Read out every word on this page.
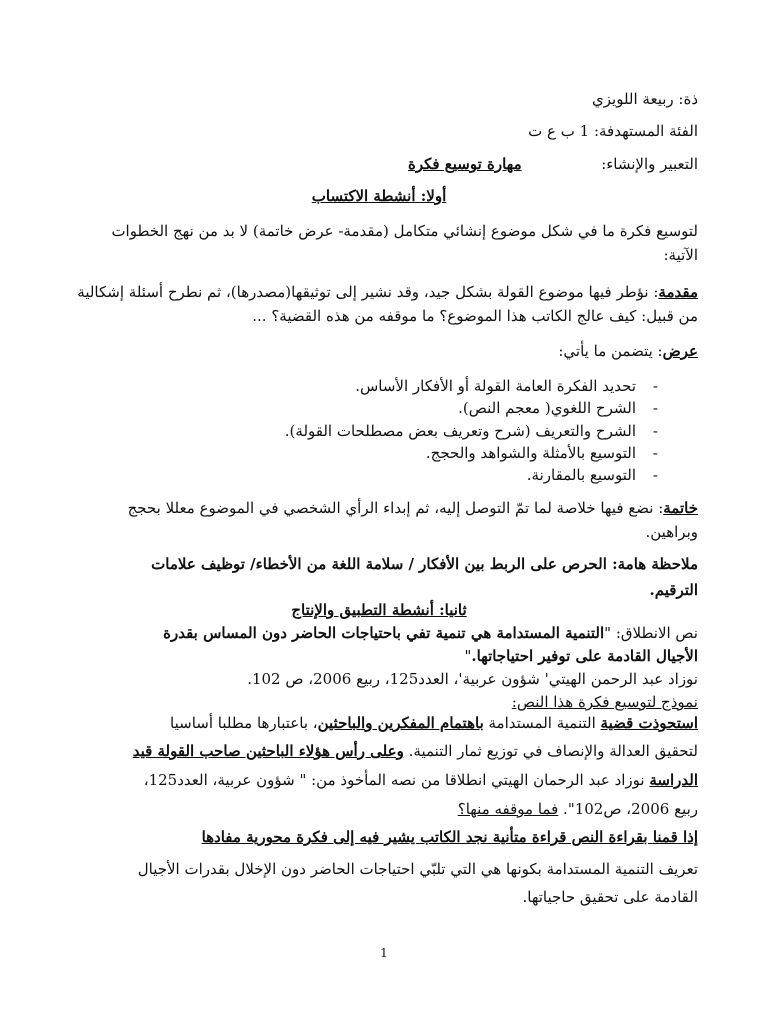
ذة: ربيعة اللويزي
الفئة المستهدفة: 1 ب ع ت
التعبير والإنشاء:  مهارة توسيع فكرة
أولا: أنشطة الاكتساب
لتوسيع فكرة ما في شكل موضوع إنشائي متكامل (مقدمة- عرض خاتمة) لا بد من نهج الخطوات
الآتية:
مقدمة: نؤطر فيها موضوع القولة بشكل جيد، وقد نشير إلى توثيقها(مصدرها)، ثم نطرح أسئلة إشكالية
من قبيل: كيف عالج الكاتب هذا الموضوع؟ ما موقفه من هذه القضية؟ ...
عرض: يتضمن ما يأتي:
-
تحديد الفكرة العامة القولة أو الأفكار الأساس.
-
الشرح اللغوي( معجم النص).
-
الشرح والتعريف (شرح وتعريف بعض مصطلحات القولة).
-
التوسيع بالأمثلة والشواهد والحجج.
-
التوسيع بالمقارنة.
خاتمة: نضع فيها خلاصة لما تمّ التوصل إليه، ثم إبداء الرأي الشخصي في الموضوع معللا بحجج
وبراهين.
ملاحظة هامة: الحرص على الربط بين الأفكار / سلامة اللغة من الأخطاء/ توظيف علامات
الترقيم.
ثانيا: أنشطة التطبيق والإنتاج
نص الانطلاق: "التنمية المستدامة هي تنمية تفي باحتياجات الحاضر دون المساس بقدرة
الأجيال القادمة على توفير احتياجاتها."
نوزاد عبد الرحمن الهيتي' شؤون عربية'، العدد125، ربيع 2006، ص 102.
نموذج لتوسيع فكرة هذا النص:
استحوذت قضية التنمية المستدامة باهتمام المفكرين والباحثين، باعتبارها مطلبا أساسيا
لتحقيق العدالة والإنصاف في توزيع ثمار التنمية. وعلى رأس هؤلاء الباحثين صاحب القولة قيد
الدراسة نوزاد عبد الرحمان الهيتي انطلاقا من نصه المأخوذ من: " شؤون عربية، العدد125،
ربيع 2006، ص102". فما موقفه منها؟
إذا قمنا بقراءة النص قراءة متأنية نجد الكاتب يشير فيه إلى فكرة محورية مفادها
تعريف التنمية المستدامة بكونها هي التي تلبّي احتياجات الحاضر دون الإخلال بقدرات الأجيال
القادمة على تحقيق حاجياتها.
1
